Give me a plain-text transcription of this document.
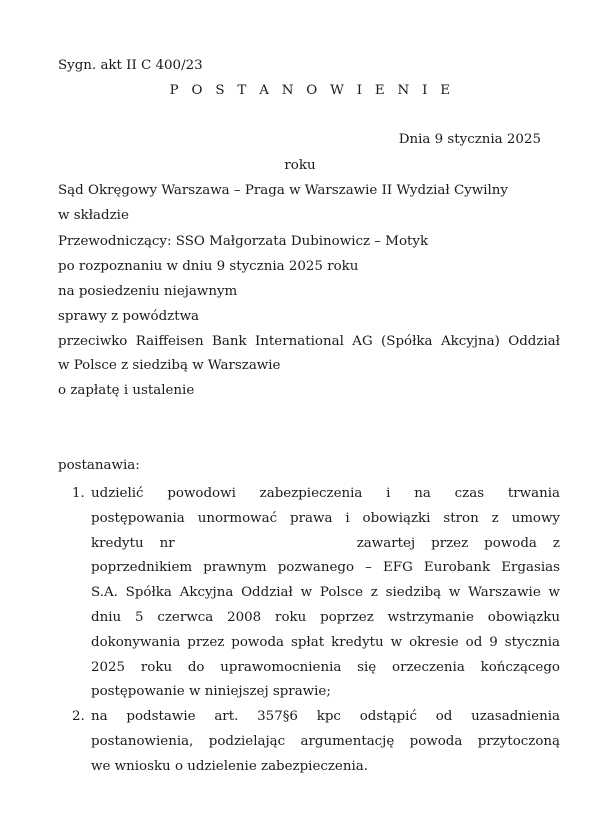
Sygn. akt II C 400/23
P O S T A N O W I E N I E
Dnia 9 stycznia 2025
roku
Sąd Okręgowy Warszawa – Praga w Warszawie II Wydział Cywilny
w składzie
Przewodniczący: SSO Małgorzata Dubinowicz – Motyk
po rozpoznaniu w dniu 9 stycznia 2025 roku
na posiedzeniu niejawnym
sprawy z powództwa
przeciwko Raiffeisen Bank International AG (Spółka Akcyjna) Oddział
w Polsce z siedzibą w Warszawie
o zapłatę i ustalenie
postanawia:
1. udzielić powodowi zabezpieczenia i na czas trwania
postępowania unormować prawa i obowiązki stron z umowy
kredytu nr	zawartej przez powoda z
poprzednikiem prawnym pozwanego – EFG Eurobank Ergasias
S.A. Spółka Akcyjna Oddział w Polsce z siedzibą w Warszawie w
dniu 5 czerwca 2008 roku poprzez wstrzymanie obowiązku
dokonywania przez powoda spłat kredytu w okresie od 9 stycznia
2025 roku do uprawomocnienia się orzeczenia kończącego
postępowanie w niniejszej sprawie;
2. na podstawie art. 357§6 kpc odstąpić od uzasadnienia
postanowienia, podzielając argumentację powoda przytoczoną
we wniosku o udzielenie zabezpieczenia.
